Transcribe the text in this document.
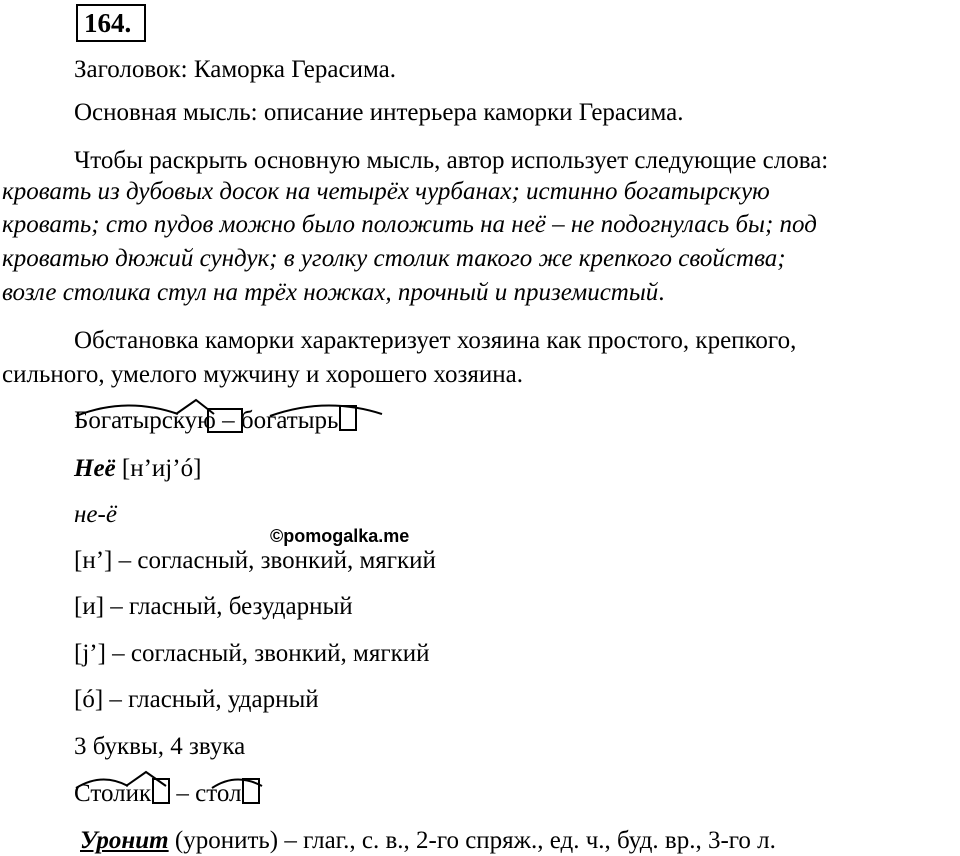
164.
Заголовок: Каморка Герасима.
Основная мысль: описание интерьера каморки Герасима.
Чтобы раскрыть основную мысль, автор использует следующие слова:
кровать из дубовых досок на четырёх чурбанах; истинно богатырскую
кровать; сто пудов можно было положить на неё – не подогнулась бы; под
кроватью дюжий сундук; в уголку столик такого же крепкого свойства;
возле столика стул на трёх ножках, прочный и приземистый.
Обстановка каморки характеризует хозяина как простого, крепкого,
сильного, умелого мужчину и хорошего хозяина.
Богатырскую – богатырь
Неё [н’иj’ó]
не-ё
©pomogalka.me
[н’] – согласный, звонкий, мягкий
[и] – гласный, безударный
[j’] – согласный, звонкий, мягкий
[ó] – гласный, ударный
3 буквы, 4 звука
Столик – стол
Уронит (уронить) – глаг., с. в., 2-го спряж., ед. ч., буд. вр., 3-го л.
